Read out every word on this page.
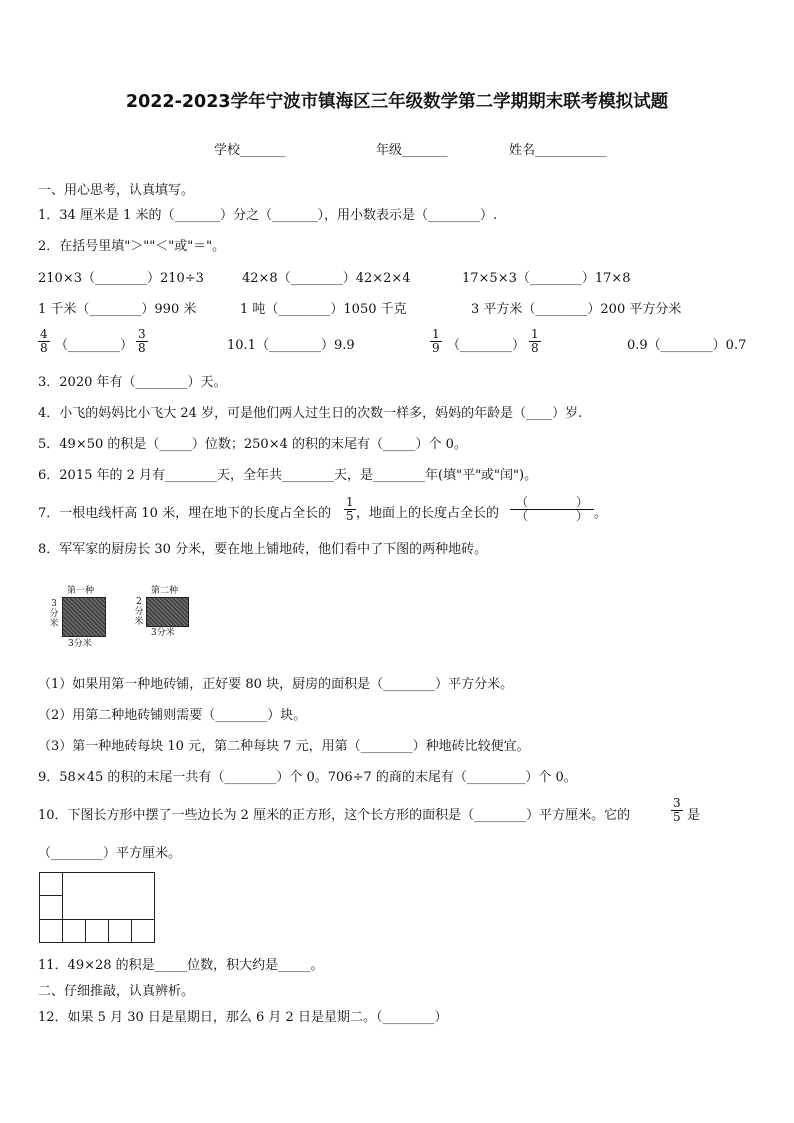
2022-2023学年宁波市镇海区三年级数学第二学期期末联考模拟试题
学校_______	年级_______	姓名___________
一、用心思考，认真填写。
1．34 厘米是 1 米的（_______）分之（_______），用小数表示是（________）.
2．在括号里填"＞""＜"或"＝"。
210×3（________）210÷3	42×8（________）42×2×4	17×5×3（________）17×8
1 千米（________）990 米	1 吨（________）1050 千克	3 平方米（________）200 平方分米
$\frac{4}{8}$ （________） $\frac{3}{8}$	10.1（________）9.9	$\frac{1}{9}$ （________） $\frac{1}{8}$	0.9（________）0.7
3．2020 年有（________）天。
4．小飞的妈妈比小飞大 24 岁，可是他们两人过生日的次数一样多，妈妈的年龄是（____）岁.
5．49×50 的积是（_____）位数；250×4 的积的末尾有（_____）个 0。
6．2015 年的 2 月有________天，全年共________天，是________年(填"平"或"闰")。
7．一根电线杆高 10 米，埋在地下的长度占全长的 $\frac{1}{5}$ ，地面上的长度占全长的
（　　　　）
（　　　　） 。
8．军军家的厨房长 30 分米，要在地上铺地砖，他们看中了下图的两种地砖。
第一种
3分米
3分米
第二种
2分米
3分米
（1）如果用第一种地砖铺，正好要 80 块，厨房的面积是（________）平方分米。
（2）用第二种地砖铺则需要（________）块。
（3）第一种地砖每块 10 元，第二种每块 7 元，用第（________）种地砖比较便宜。
9．58×45 的积的末尾一共有（________）个 0。706÷7 的商的末尾有（_________）个 0。
10．下图长方形中摆了一些边长为 2 厘米的正方形，这个长方形的面积是（________）平方厘米。它的	$\frac{3}{5}$ 是
（________）平方厘米。
11．49×28 的积是_____位数，积大约是_____。
二、仔细推敲，认真辨析。
12．如果 5 月 30 日是星期日，那么 6 月 2 日是星期二。（________）
